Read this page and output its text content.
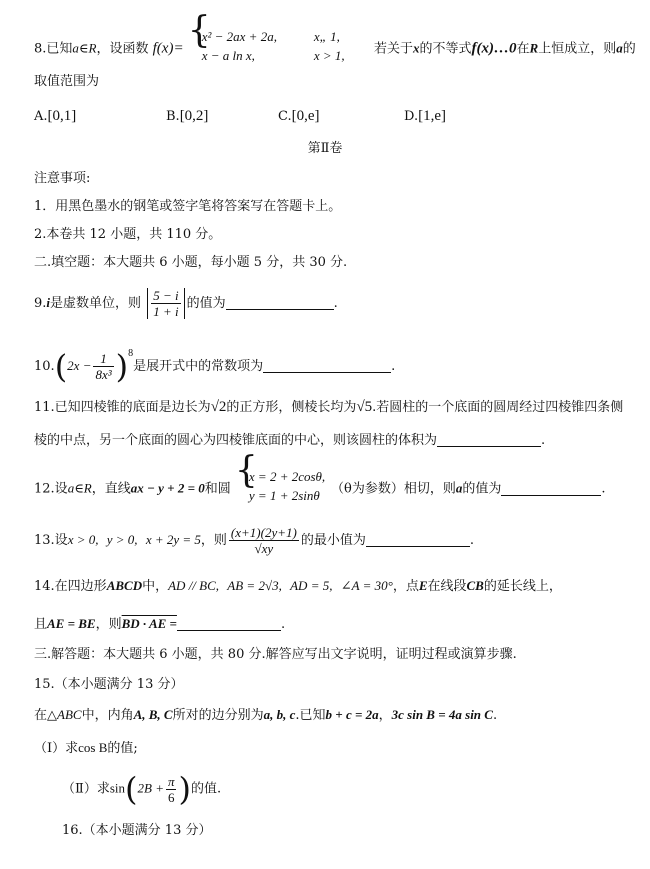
8.已知a∈R，设函数 f(x)= {
x² − 2ax + 2a,
x − a ln x,

x„ 1,
x > 1, 若关于x的不等式f(x)…0在R上恒成立，则a的
取值范围为
A.[0,1]	B.[0,2]	C.[0,e]	D.[1,e]
第Ⅱ卷
注意事项:
1．用黑色墨水的钢笔或签字笔将答案写在答题卡上。
2.本卷共 12 小题，共 110 分。
二.填空题：本大题共 6 小题，每小题 5 分，共 30 分.
9.i是虚数单位，则 $\frac{5 - i}{1 + i}$ 的值为	.
$10.(2x - \frac{1}{\text{8x³}} )^8$是展开式中的常数项为	.
11.已知四棱锥的底面是边长为√2的正方形，侧棱长均为√5.若圆柱的一个底面的圆周经过四棱锥四条侧
棱的中点，另一个底面的圆心为四棱锥底面的中心，则该圆柱的体积为	.
12.设a∈R，直线ax − y + 2 = 0和圆 {
x = 2 + 2cosθ,
y = 1 + 2sinθ （θ为参数）相切，则a的值为	.
13.设x > 0, y > 0, x + 2y = 5，则 $\frac{(x+1)(2y+1)}{√xy}$ 的最小值为	.
14.在四边形ABCD中，AD // BC, AB = 2√3, AD = 5, ∠A = 30°，点E在线段CB的延长线上，
且AE = BE，则BD · AE =	.
三.解答题：本大题共 6 小题，共 80 分.解答应写出文字说明，证明过程或演算步骤.
15.（本小题满分 13 分）
在△ABC中，内角A, B, C所对的边分别为a, b, c.已知b + c = 2a，3c sin B = 4a sin C.
（Ⅰ）求cos B的值;
（Ⅱ）求$\sin(2B + \frac{\pi}{6}$ )的值.
16.（本小题满分 13 分）
